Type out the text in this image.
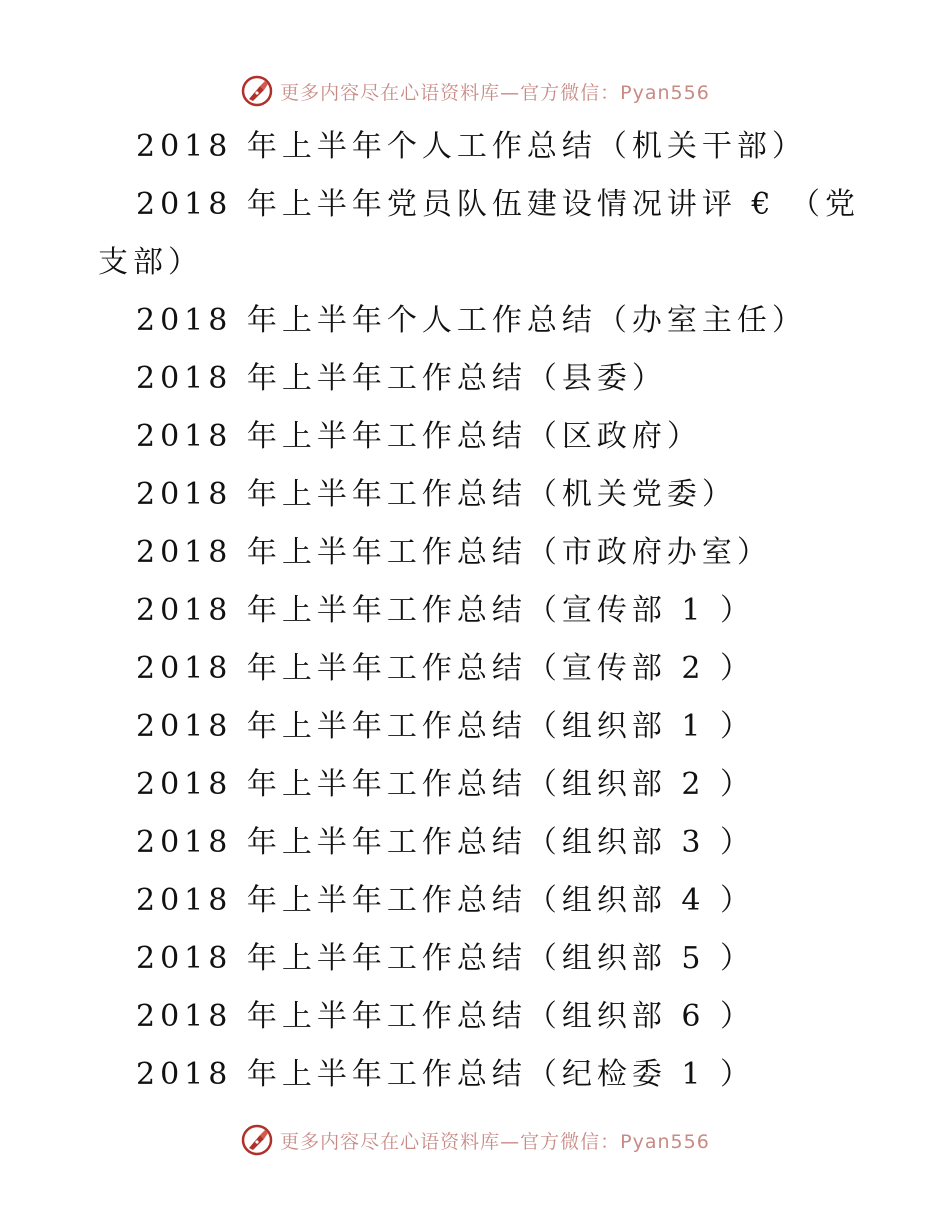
更多内容尽在心语资料库—官方微信：Pyan556
2018 年上半年个人工作总结（机关干部）
2018 年上半年党员队伍建设情况讲评 € （党
支部）
2018 年上半年个人工作总结（办室主任）
2018 年上半年工作总结（县委）
2018 年上半年工作总结（区政府）
2018 年上半年工作总结（机关党委）
2018 年上半年工作总结（市政府办室）
2018 年上半年工作总结（宣传部 1 ）
2018 年上半年工作总结（宣传部 2 ）
2018 年上半年工作总结（组织部 1 ）
2018 年上半年工作总结（组织部 2 ）
2018 年上半年工作总结（组织部 3 ）
2018 年上半年工作总结（组织部 4 ）
2018 年上半年工作总结（组织部 5 ）
2018 年上半年工作总结（组织部 6 ）
2018 年上半年工作总结（纪检委 1 ）
更多内容尽在心语资料库—官方微信：Pyan556
